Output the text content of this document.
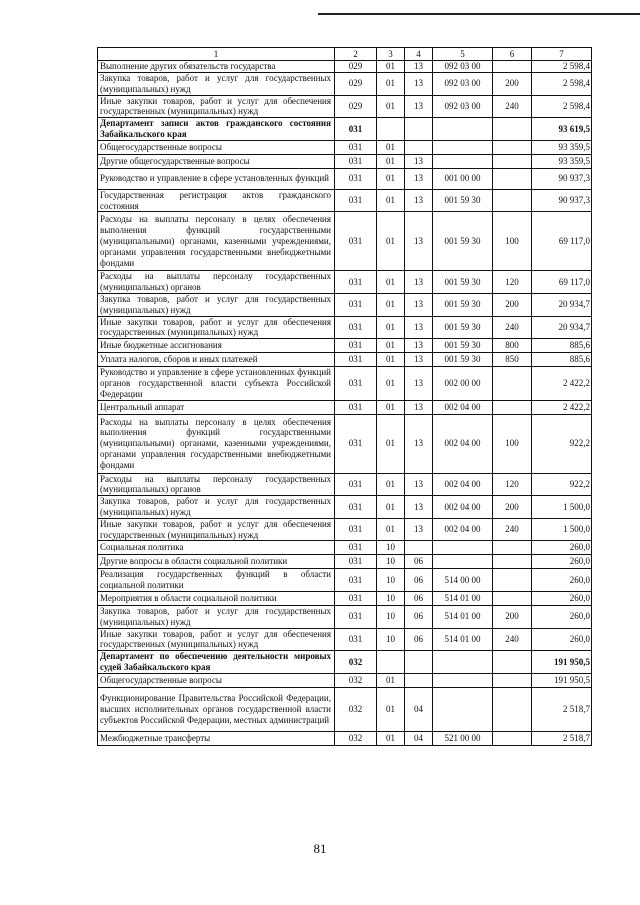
1	2	3	4	5	6	7
Выполнение других обязательств государства	029	01	13	092 03 00		2 598,4
Закупка товаров, работ и услуг для государственных (муниципальных) нужд	029	01	13	092 03 00	200	2 598,4
Иные закупки товаров, работ и услуг для обеспечения государственных (муниципальных) нужд	029	01	13	092 03 00	240	2 598,4
Департамент записи актов гражданского состояния Забайкальского края	031					93 619,5
Общегосударственные вопросы	031	01				93 359,5
Другие общегосударственные вопросы	031	01	13			93 359,5
Руководство и управление в сфере установленных функций	031	01	13	001 00 00		90 937,3
Государственная регистрация актов гражданского состояния	031	01	13	001 59 30		90 937,3
Расходы на выплаты персоналу в целях обеспечения выполнения функций государственными (муниципальными) органами, казенными учреждениями, органами управления государственными внебюджетными фондами	031	01	13	001 59 30	100	69 117,0
Расходы на выплаты персоналу государственных (муниципальных) органов	031	01	13	001 59 30	120	69 117,0
Закупка товаров, работ и услуг для государственных (муниципальных) нужд	031	01	13	001 59 30	200	20 934,7
Иные закупки товаров, работ и услуг для обеспечения государственных (муниципальных) нужд	031	01	13	001 59 30	240	20 934,7
Иные бюджетные ассигнования	031	01	13	001 59 30	800	885,6
Уплата налогов, сборов и иных платежей	031	01	13	001 59 30	850	885,6
Руководство и управление в сфере установленных функций органов государственной власти субъекта Российской Федерации	031	01	13	002 00 00		2 422,2
Центральный аппарат	031	01	13	002 04 00		2 422,2
Расходы на выплаты персоналу в целях обеспечения выполнения функций государственными (муниципальными) органами, казенными учреждениями, органами управления государственными внебюджетными фондами	031	01	13	002 04 00	100	922,2
Расходы на выплаты персоналу государственных (муниципальных) органов	031	01	13	002 04 00	120	922,2
Закупка товаров, работ и услуг для государственных (муниципальных) нужд	031	01	13	002 04 00	200	1 500,0
Иные закупки товаров, работ и услуг для обеспечения государственных (муниципальных) нужд	031	01	13	002 04 00	240	1 500,0
Социальная политика	031	10				260,0
Другие вопросы в области социальной политики	031	10	06			260,0
Реализация государственных функций в области социальной политики	031	10	06	514 00 00		260,0
Мероприятия в области социальной политики	031	10	06	514 01 00		260,0
Закупка товаров, работ и услуг для государственных (муниципальных) нужд	031	10	06	514 01 00	200	260,0
Иные закупки товаров, работ и услуг для обеспечения государственных (муниципальных) нужд	031	10	06	514 01 00	240	260,0
Департамент по обеспечению деятельности мировых судей Забайкальского края	032					191 950,5
Общегосударственные вопросы	032	01				191 950,5
Функционирование Правительства Российской Федерации, высших исполнительных органов государственной власти субъектов Российской Федерации, местных администраций	032	01	04			2 518,7
Межбюджетные трансферты	032	01	04	521 00 00		2 518,7
81
